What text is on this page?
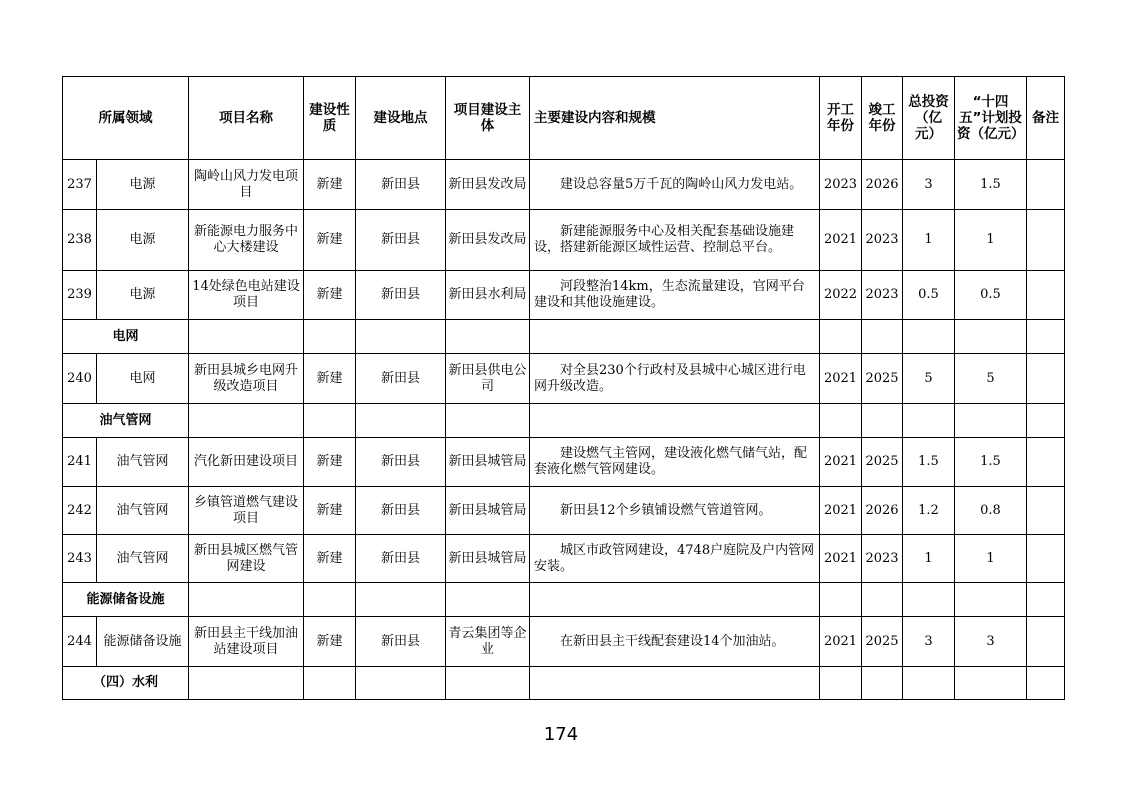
所属领域		项目名称	建设性质	建设地点	项目建设主体	主要建设内容和规模	开工年份	竣工年份	总投资（亿元）	“十四五”计划投资（亿元）	备注
237	电源	陶岭山风力发电项目	新建	新田县	新田县发改局	建设总容量5万千瓦的陶岭山风力发电站。	2023	2026	3	1.5	
238	电源	新能源电力服务中心大楼建设	新建	新田县	新田县发改局	新建能源服务中心及相关配套基础设施建设，搭建新能源区域性运营、控制总平台。	2021	2023	1	1	
239	电源	14处绿色电站建设项目	新建	新田县	新田县水利局	河段整治14km，生态流量建设，官网平台建设和其他设施建设。	2022	2023	0.5	0.5	
电网											
240	电网	新田县城乡电网升级改造项目	新建	新田县	新田县供电公司	对全县230个行政村及县城中心城区进行电网升级改造。	2021	2025	5	5	
油气管网											
241	油气管网	汽化新田建设项目	新建	新田县	新田县城管局	建设燃气主管网，建设液化燃气储气站，配套液化燃气管网建设。	2021	2025	1.5	1.5	
242	油气管网	乡镇管道燃气建设项目	新建	新田县	新田县城管局	新田县12个乡镇铺设燃气管道管网。	2021	2026	1.2	0.8	
243	油气管网	新田县城区燃气管网建设	新建	新田县	新田县城管局	城区市政管网建设，4748户庭院及户内管网安装。	2021	2023	1	1	
能源储备设施											
244	能源储备设施	新田县主干线加油站建设项目	新建	新田县	青云集团等企业	在新田县主干线配套建设14个加油站。	2021	2025	3	3	
（四）水利											
174
